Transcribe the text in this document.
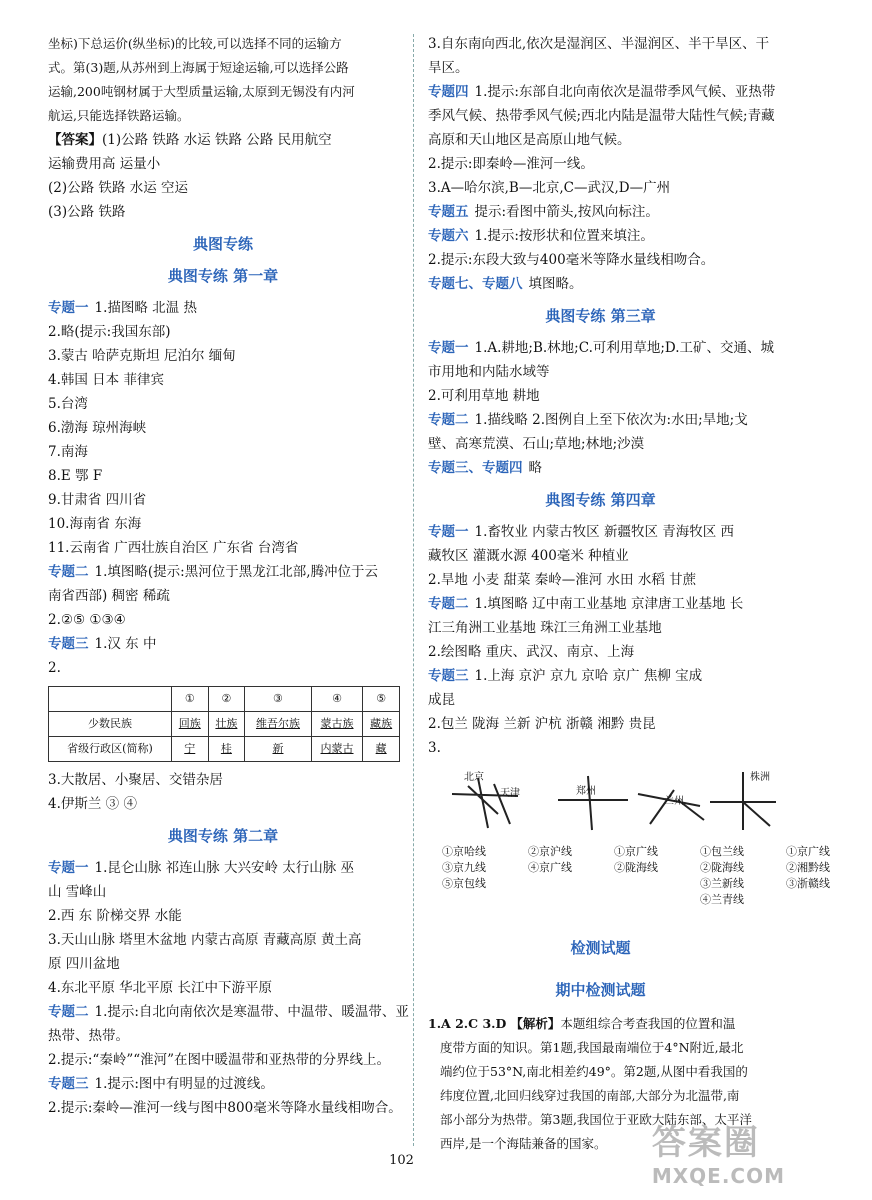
坐标)下总运价(纵坐标)的比较,可以选择不同的运输方
式。第(3)题,从苏州到上海属于短途运输,可以选择公路
运输,200吨钢材属于大型质量运输,太原到无锡没有内河
航运,只能选择铁路运输。
【答案】(1)公路 铁路 水运 铁路 公路 民用航空
运输费用高 运量小
(2)公路 铁路 水运 空运
(3)公路 铁路
典图专练
典图专练 第一章
专题一 1.描图略 北温 热
2.略(提示:我国东部)
3.蒙古 哈萨克斯坦 尼泊尔 缅甸
4.韩国 日本 菲律宾
5.台湾
6.渤海 琼州海峡
7.南海
8.E 鄂 F
9.甘肃省 四川省
10.海南省 东海
11.云南省 广西壮族自治区 广东省 台湾省
专题二 1.填图略(提示:黑河位于黑龙江北部,腾冲位于云
南省西部) 稠密 稀疏
2.②⑤ ①③④
专题三 1.汉 东 中
2.
	①	②	③	④	⑤
少数民族	回族	壮族	维吾尔族	蒙古族	藏族
省级行政区(简称)	宁	桂	新	内蒙古	藏
3.大散居、小聚居、交错杂居
4.伊斯兰 ③ ④
典图专练 第二章
专题一 1.昆仑山脉 祁连山脉 大兴安岭 太行山脉 巫
山 雪峰山
2.西 东 阶梯交界 水能
3.天山山脉 塔里木盆地 内蒙古高原 青藏高原 黄土高
原 四川盆地
4.东北平原 华北平原 长江中下游平原
专题二 1.提示:自北向南依次是寒温带、中温带、暖温带、亚
热带、热带。
2.提示:“秦岭”“淮河”在图中暖温带和亚热带的分界线上。
专题三 1.提示:图中有明显的过渡线。
2.提示:秦岭—淮河一线与图中800毫米等降水量线相吻合。
3.自东南向西北,依次是湿润区、半湿润区、半干旱区、干
旱区。
专题四 1.提示:东部自北向南依次是温带季风气候、亚热带
季风气候、热带季风气候;西北内陆是温带大陆性气候;青藏
高原和天山地区是高原山地气候。
2.提示:即秦岭—淮河一线。
3.A—哈尔滨,B—北京,C—武汉,D—广州
专题五 提示:看图中箭头,按风向标注。
专题六 1.提示:按形状和位置来填注。
2.提示:东段大致与400毫米等降水量线相吻合。
专题七、专题八 填图略。
典图专练 第三章
专题一 1.A.耕地;B.林地;C.可利用草地;D.工矿、交通、城
市用地和内陆水域等
2.可利用草地 耕地
专题二 1.描线略 2.图例自上至下依次为:水田;旱地;戈
壁、高寒荒漠、石山;草地;林地;沙漠
专题三、专题四 略
典图专练 第四章
专题一 1.畜牧业 内蒙古牧区 新疆牧区 青海牧区 西
藏牧区 灌溉水源 400毫米 种植业
2.旱地 小麦 甜菜 秦岭—淮河 水田 水稻 甘蔗
专题二 1.填图略 辽中南工业基地 京津唐工业基地 长
江三角洲工业基地 珠江三角洲工业基地
2.绘图略 重庆、武汉、南京、上海
专题三 1.上海 京沪 京九 京哈 京广 焦柳 宝成
成昆
2.包兰 陇海 兰新 沪杭 浙赣 湘黔 贵昆
3.
北京
天津	郑州
兰州
株洲
①京哈线
③京九线
⑤京包线
②京沪线
④京广线
①京广线
②陇海线
①包兰线
②陇海线
③兰新线
④兰青线
①京广线
②湘黔线
③浙赣线
检测试题
期中检测试题
1.A 2.C 3.D 【解析】本题组综合考查我国的位置和温
度带方面的知识。第1题,我国最南端位于4°N附近,最北
端约位于53°N,南北相差约49°。第2题,从图中看我国的
纬度位置,北回归线穿过我国的南部,大部分为北温带,南
部小部分为热带。第3题,我国位于亚欧大陆东部、太平洋
西岸,是一个海陆兼备的国家。
102	答案圈
MXQE.COM
